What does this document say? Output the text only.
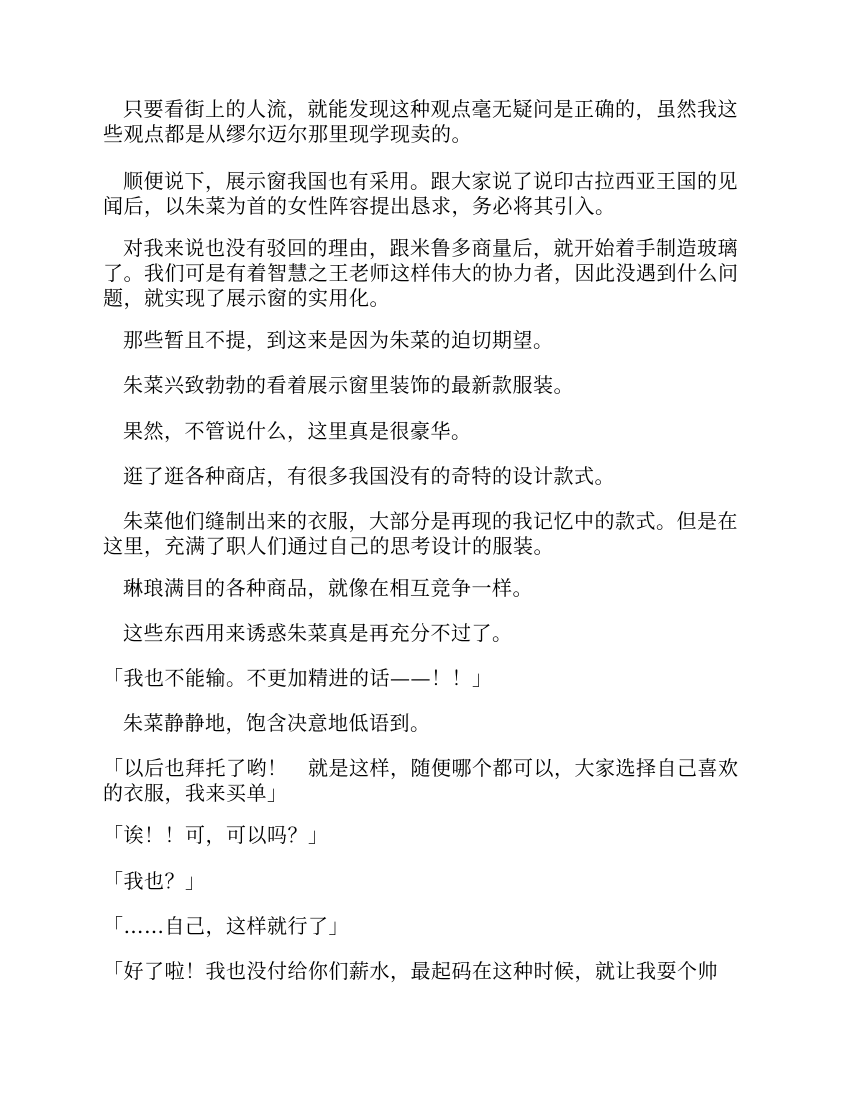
只要看街上的人流，就能发现这种观点毫无疑问是正确的，虽然我这些观点都是从缪尔迈尔那里现学现卖的。

顺便说下，展示窗我国也有采用。跟大家说了说印古拉西亚王国的见闻后，以朱菜为首的女性阵容提出恳求，务必将其引入。

对我来说也没有驳回的理由，跟米鲁多商量后，就开始着手制造玻璃了。我们可是有着智慧之王老师这样伟大的协力者，因此没遇到什么问题，就实现了展示窗的实用化。

那些暂且不提，到这来是因为朱菜的迫切期望。

朱菜兴致勃勃的看着展示窗里装饰的最新款服装。

果然，不管说什么，这里真是很豪华。

逛了逛各种商店，有很多我国没有的奇特的设计款式。

朱菜他们缝制出来的衣服，大部分是再现的我记忆中的款式。但是在这里，充满了职人们通过自己的思考设计的服装。

琳琅满目的各种商品，就像在相互竞争一样。

这些东西用来诱惑朱菜真是再充分不过了。

「我也不能输。不更加精进的话——！！」

朱菜静静地，饱含决意地低语到。

「以后也拜托了哟！　就是这样，随便哪个都可以，大家选择自己喜欢的衣服，我来买单」

「诶！！可，可以吗？」

「我也？」

「……自己，这样就行了」

「好了啦！我也没付给你们薪水，最起码在这种时候，就让我耍个帅
